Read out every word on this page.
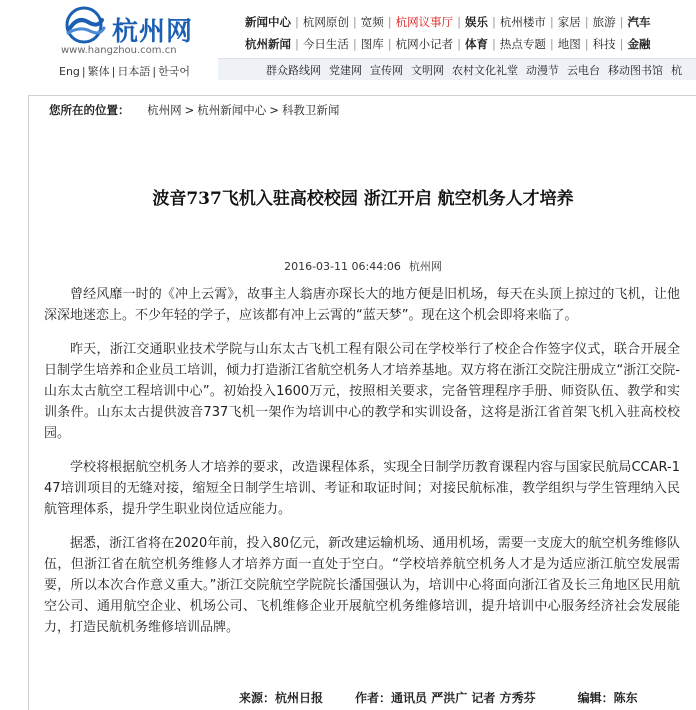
杭州网
www.hangzhou.com.cn
Eng | 繁体 | 日本語 | 한국어
新闻中心 | 杭网原创 | 宽频 | 杭网议事厅 | 娱乐 | 杭州楼市 | 家居 | 旅游 | 汽车
杭州新闻 | 今日生活 | 图库 | 杭网小记者 | 体育 | 热点专题 | 地图 | 科技 | 金融
群众路线网 党建网 宣传网 文明网 农村文化礼堂 动漫节 云电台 移动图书馆 杭
您所在的位置： 杭州网 > 杭州新闻中心 > 科教卫新闻
波音737飞机入驻高校校园 浙江开启 航空机务人才培养
2016-03-11 06:44:06 杭州网

曾经风靡一时的《冲上云霄》，故事主人翁唐亦琛长大的地方便是旧机场，每天在头顶上掠过的飞机，让他深深地迷恋上。不少年轻的学子，应该都有冲上云霄的“蓝天梦”。现在这个机会即将来临了。

昨天，浙江交通职业技术学院与山东太古飞机工程有限公司在学校举行了校企合作签字仪式，联合开展全日制学生培养和企业员工培训，倾力打造浙江省航空机务人才培养基地。双方将在浙江交院注册成立“浙江交院-山东太古航空工程培训中心”。初始投入1600万元，按照相关要求，完备管理程序手册、师资队伍、教学和实训条件。山东太古提供波音737飞机一架作为培训中心的教学和实训设备，这将是浙江省首架飞机入驻高校校园。

学校将根据航空机务人才培养的要求，改造课程体系，实现全日制学历教育课程内容与国家民航局CCAR-147培训项目的无缝对接，缩短全日制学生培训、考证和取证时间；对接民航标准，教学组织与学生管理纳入民航管理体系，提升学生职业岗位适应能力。

据悉，浙江省将在2020年前，投入80亿元，新改建运输机场、通用机场，需要一支庞大的航空机务维修队伍，但浙江省在航空机务维修人才培养方面一直处于空白。“学校培养航空机务人才是为适应浙江航空发展需要，所以本次合作意义重大。”浙江交院航空学院院长潘国强认为，培训中心将面向浙江省及长三角地区民用航空公司、通用航空企业、机场公司、飞机维修企业开展航空机务维修培训，提升培训中心服务经济社会发展能力，打造民航机务维修培训品牌。

来源：杭州日报	作者：通讯员 严洪广 记者 方秀芬	编辑：陈东
